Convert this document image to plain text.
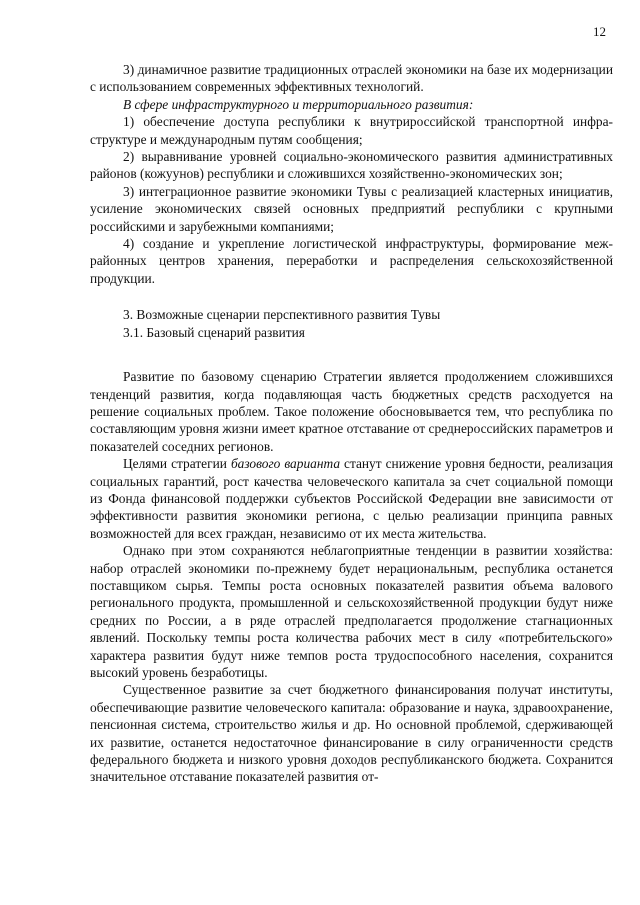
12

3) динамичное развитие традиционных отраслей экономики на базе их модернизации с использованием современных эффективных технологий.

В сфере инфраструктурного и территориального развития:

1) обеспечение доступа республики к внутрироссийской транспортной инфраструктуре и международным путям сообщения;

2) выравнивание уровней социально-экономического развития административных районов (кожуунов) республики и сложившихся хозяйственно-экономических зон;

3) интеграционное развитие экономики Тувы с реализацией кластерных инициатив, усиление экономических связей основных предприятий республики с крупными российскими и зарубежными компаниями;

4) создание и укрепление логистической инфраструктуры, формирование межрайонных центров хранения, переработки и распределения сельскохозяйственной продукции.

3. Возможные сценарии перспективного развития Тувы

3.1. Базовый сценарий развития

Развитие по базовому сценарию Стратегии является продолжением сложившихся тенденций развития, когда подавляющая часть бюджетных средств расходуется на решение социальных проблем. Такое положение обосновывается тем, что республика по составляющим уровня жизни имеет кратное отставание от среднероссийских параметров и показателей соседних регионов.

Целями стратегии базового варианта станут снижение уровня бедности, реализация социальных гарантий, рост качества человеческого капитала за счет социальной помощи из Фонда финансовой поддержки субъектов Российской Федерации вне зависимости от эффективности развития экономики региона, с целью реализации принципа равных возможностей для всех граждан, независимо от их места жительства.

Однако при этом сохраняются неблагоприятные тенденции в развитии хозяйства: набор отраслей экономики по-прежнему будет нерациональным, республика останется поставщиком сырья. Темпы роста основных показателей развития объема валового регионального продукта, промышленной и сельскохозяйственной продукции будут ниже средних по России, а в ряде отраслей предполагается продолжение стагнационных явлений. Поскольку темпы роста количества рабочих мест в силу «потребительского» характера развития будут ниже темпов роста трудоспособного населения, сохранится высокий уровень безработицы.

Существенное развитие за счет бюджетного финансирования получат институты, обеспечивающие развитие человеческого капитала: образование и наука, здравоохранение, пенсионная система, строительство жилья и др. Но основной проблемой, сдерживающей их развитие, останется недостаточное финансирование в силу ограниченности средств федерального бюджета и низкого уровня доходов республиканского бюджета. Сохранится значительное отставание показателей развития от-
